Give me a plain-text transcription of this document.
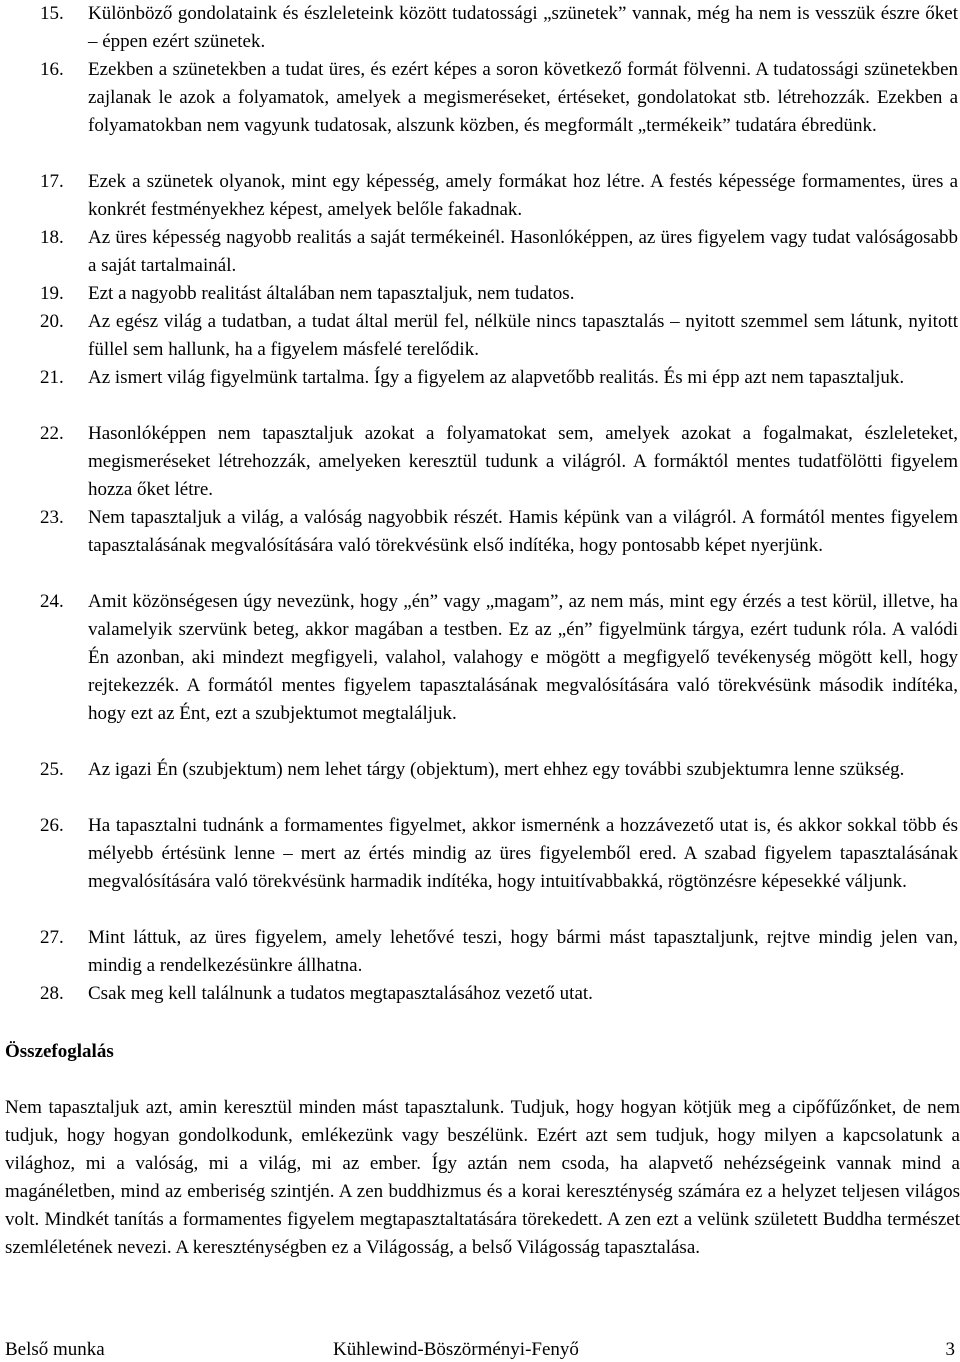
15. Különböző gondolataink és észleleteink között tudatossági „szünetek” vannak, még ha nem is vesszük észre őket – éppen ezért szünetek.
16. Ezekben a szünetekben a tudat üres, és ezért képes a soron következő formát fölvenni. A tudatossági szünetekben zajlanak le azok a folyamatok, amelyek a megismeréseket, értéseket, gondolatokat stb. létrehozzák. Ezekben a folyamatokban nem vagyunk tudatosak, alszunk közben, és megformált „termékeik” tudatára ébredünk.
17. Ezek a szünetek olyanok, mint egy képesség, amely formákat hoz létre. A festés képessége formamentes, üres a konkrét festményekhez képest, amelyek belőle fakadnak.
18. Az üres képesség nagyobb realitás a saját termékeinél. Hasonlóképpen, az üres figyelem vagy tudat valóságosabb a saját tartalmainál.
19. Ezt a nagyobb realitást általában nem tapasztaljuk, nem tudatos.
20. Az egész világ a tudatban, a tudat által merül fel, nélküle nincs tapasztalás – nyitott szemmel sem látunk, nyitott füllel sem hallunk, ha a figyelem másfelé terelődik.
21. Az ismert világ figyelmünk tartalma. Így a figyelem az alapvetőbb realitás. És mi épp azt nem tapasztaljuk.
22. Hasonlóképpen nem tapasztaljuk azokat a folyamatokat sem, amelyek azokat a fogalmakat, észleleteket, megismeréseket létrehozzák, amelyeken keresztül tudunk a világról. A formáktól mentes tudatfölötti figyelem hozza őket létre.
23. Nem tapasztaljuk a világ, a valóság nagyobbik részét. Hamis képünk van a világról. A formától mentes figyelem tapasztalásának megvalósítására való törekvésünk első indítéka, hogy pontosabb képet nyerjünk.
24. Amit közönségesen úgy nevezünk, hogy „én” vagy „magam”, az nem más, mint egy érzés a test körül, illetve, ha valamelyik szervünk beteg, akkor magában a testben. Ez az „én” figyelmünk tárgya, ezért tudunk róla. A valódi Én azonban, aki mindezt megfigyeli, valahol, valahogy e mögött a megfigyelő tevékenység mögött kell, hogy rejtekezzék. A formától mentes figyelem tapasztalásának megvalósítására való törekvésünk második indítéka, hogy ezt az Ént, ezt a szubjektumot megtaláljuk.
25. Az igazi Én (szubjektum) nem lehet tárgy (objektum), mert ehhez egy további szubjektumra lenne szükség.
26. Ha tapasztalni tudnánk a formamentes figyelmet, akkor ismernénk a hozzávezető utat is, és akkor sokkal több és mélyebb értésünk lenne – mert az értés mindig az üres figyelemből ered. A szabad figyelem tapasztalásának megvalósítására való törekvésünk harmadik indítéka, hogy intuitívabbakká, rögtönzésre képesekké váljunk.
27. Mint láttuk, az üres figyelem, amely lehetővé teszi, hogy bármi mást tapasztaljunk, rejtve mindig jelen van, mindig a rendelkezésünkre állhatna.
28. Csak meg kell találnunk a tudatos megtapasztalásához vezető utat.
Összefoglalás
Nem tapasztaljuk azt, amin keresztül minden mást tapasztalunk. Tudjuk, hogy hogyan kötjük meg a cipőfűzőnket, de nem tudjuk, hogy hogyan gondolkodunk, emlékezünk vagy beszélünk. Ezért azt sem tudjuk, hogy milyen a kapcsolatunk a világhoz, mi a valóság, mi a világ, mi az ember. Így aztán nem csoda, ha alapvető nehézségeink vannak mind a magánéletben, mind az emberiség szintjén. A zen buddhizmus és a korai kereszténység számára ez a helyzet teljesen világos volt. Mindkét tanítás a formamentes figyelem megtapasztaltatására törekedett. A zen ezt a velünk született Buddha természet szemléletének nevezi. A kereszténységben ez a Világosság, a belső Világosság tapasztalása.
Belső munka	Kühlewind-Böszörményi-Fenyő	3
